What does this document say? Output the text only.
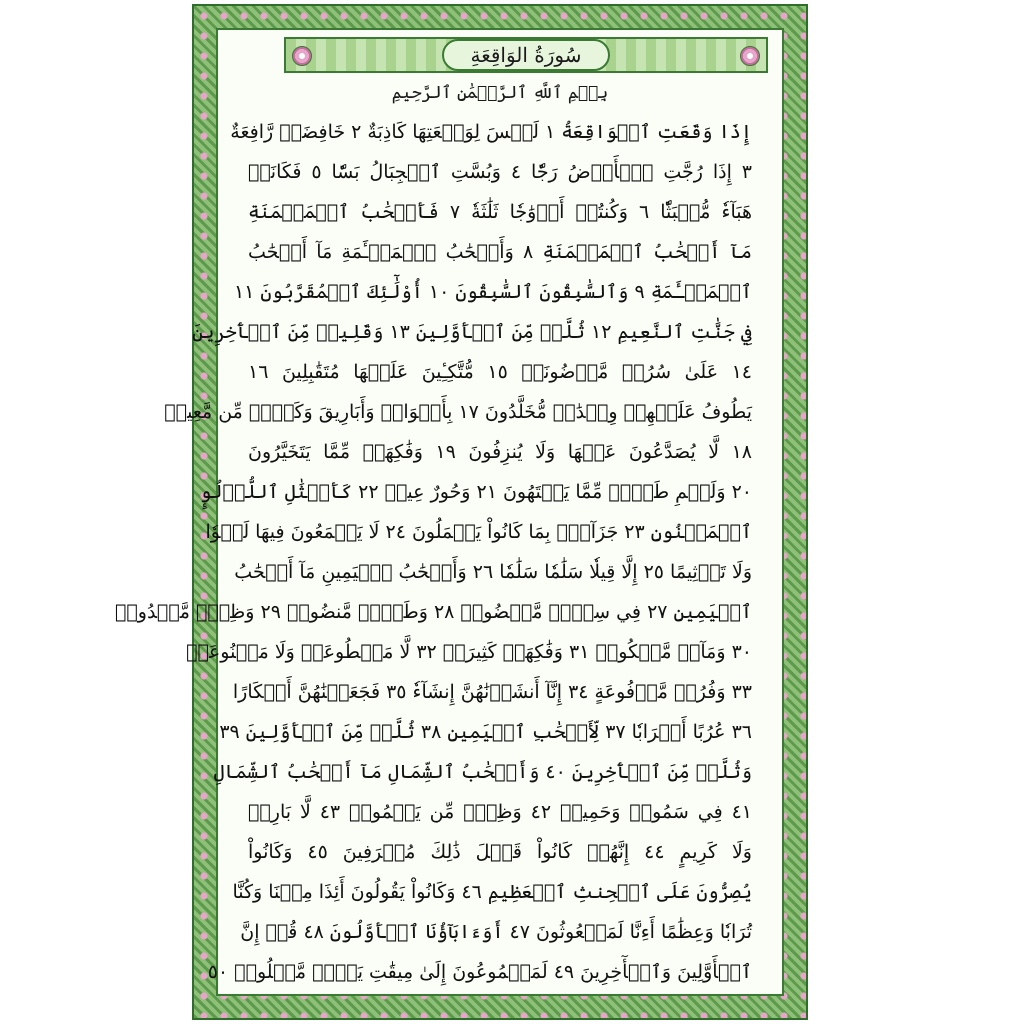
سُورَةُ الوَاقِعَةِ
بِسۡمِ ٱللَّهِ ٱلرَّحۡمَٰنِ ٱلرَّحِيمِ
إِذَا وَقَعَتِ ٱلۡوَاقِعَةُ ١ لَيۡسَ لِوَقۡعَتِهَا كَاذِبَةٌ ٢ خَافِضَةٞ رَّافِعَةٌ
٣ إِذَا رُجَّتِ ٱلۡأَرۡضُ رَجّٗا ٤ وَبُسَّتِ ٱلۡجِبَالُ بَسّٗا ٥ فَكَانَتۡ
هَبَآءٗ مُّنۢبَثّٗا ٦ وَكُنتُمۡ أَزۡوَٰجٗا ثَلَٰثَةٗ ٧ فَأَصۡحَٰبُ ٱلۡمَيۡمَنَةِ
مَآ أَصۡحَٰبُ ٱلۡمَيۡمَنَةِ ٨ وَأَصۡحَٰبُ ٱلۡمَشۡـَٔمَةِ مَآ أَصۡحَٰبُ
ٱلۡمَشۡـَٔمَةِ ٩ وَٱلسَّٰبِقُونَ ٱلسَّٰبِقُونَ ١٠ أُوْلَٰٓئِكَ ٱلۡمُقَرَّبُونَ ١١
فِي جَنَّٰتِ ٱلنَّعِيمِ ١٢ ثُلَّةٞ مِّنَ ٱلۡأَوَّلِينَ ١٣ وَقَلِيلٞ مِّنَ ٱلۡأٓخِرِينَ
١٤ عَلَىٰ سُرُرٖ مَّوۡضُونَةٖ ١٥ مُّتَّكِـِٔينَ عَلَيۡهَا مُتَقَٰبِلِينَ ١٦
يَطُوفُ عَلَيۡهِمۡ وِلۡدَٰنٞ مُّخَلَّدُونَ ١٧ بِأَكۡوَابٖ وَأَبَارِيقَ وَكَأۡسٖ مِّن مَّعِينٖ
١٨ لَّا يُصَدَّعُونَ عَنۡهَا وَلَا يُنزِفُونَ ١٩ وَفَٰكِهَةٖ مِّمَّا يَتَخَيَّرُونَ
٢٠ وَلَحۡمِ طَيۡرٖ مِّمَّا يَشۡتَهُونَ ٢١ وَحُورٌ عِينٞ ٢٢ كَأَمۡثَٰلِ ٱللُّؤۡلُوِٕ
ٱلۡمَكۡنُونِ ٢٣ جَزَآءَۢ بِمَا كَانُواْ يَعۡمَلُونَ ٢٤ لَا يَسۡمَعُونَ فِيهَا لَغۡوٗا
وَلَا تَأۡثِيمًا ٢٥ إِلَّا قِيلٗا سَلَٰمٗا سَلَٰمٗا ٢٦ وَأَصۡحَٰبُ ٱلۡيَمِينِ مَآ أَصۡحَٰبُ
ٱلۡيَمِينِ ٢٧ فِي سِدۡرٖ مَّخۡضُودٖ ٢٨ وَطَلۡحٖ مَّنضُودٖ ٢٩ وَظِلّٖ مَّمۡدُودٖ
٣٠ وَمَآءٖ مَّسۡكُوبٖ ٣١ وَفَٰكِهَةٖ كَثِيرَةٖ ٣٢ لَّا مَقۡطُوعَةٖ وَلَا مَمۡنُوعَةٖ
٣٣ وَفُرُشٖ مَّرۡفُوعَةٍ ٣٤ إِنَّآ أَنشَأۡنَٰهُنَّ إِنشَآءٗ ٣٥ فَجَعَلۡنَٰهُنَّ أَبۡكَارًا
٣٦ عُرُبًا أَتۡرَابٗا ٣٧ لِّأَصۡحَٰبِ ٱلۡيَمِينِ ٣٨ ثُلَّةٞ مِّنَ ٱلۡأَوَّلِينَ ٣٩
وَثُلَّةٞ مِّنَ ٱلۡأٓخِرِينَ ٤٠ وَأَصۡحَٰبُ ٱلشِّمَالِ مَآ أَصۡحَٰبُ ٱلشِّمَالِ
٤١ فِي سَمُومٖ وَحَمِيمٖ ٤٢ وَظِلّٖ مِّن يَحۡمُومٖ ٤٣ لَّا بَارِدٖ
وَلَا كَرِيمٍ ٤٤ إِنَّهُمۡ كَانُواْ قَبۡلَ ذَٰلِكَ مُتۡرَفِينَ ٤٥ وَكَانُواْ
يُصِرُّونَ عَلَى ٱلۡحِنثِ ٱلۡعَظِيمِ ٤٦ وَكَانُواْ يَقُولُونَ أَئِذَا مِتۡنَا وَكُنَّا
تُرَابٗا وَعِظَٰمًا أَءِنَّا لَمَبۡعُوثُونَ ٤٧ أَوَءَابَآؤُنَا ٱلۡأَوَّلُونَ ٤٨ قُلۡ إِنَّ
ٱلۡأَوَّلِينَ وَٱلۡأٓخِرِينَ ٤٩ لَمَجۡمُوعُونَ إِلَىٰ مِيقَٰتِ يَوۡمٖ مَّعۡلُومٖ ٥٠
